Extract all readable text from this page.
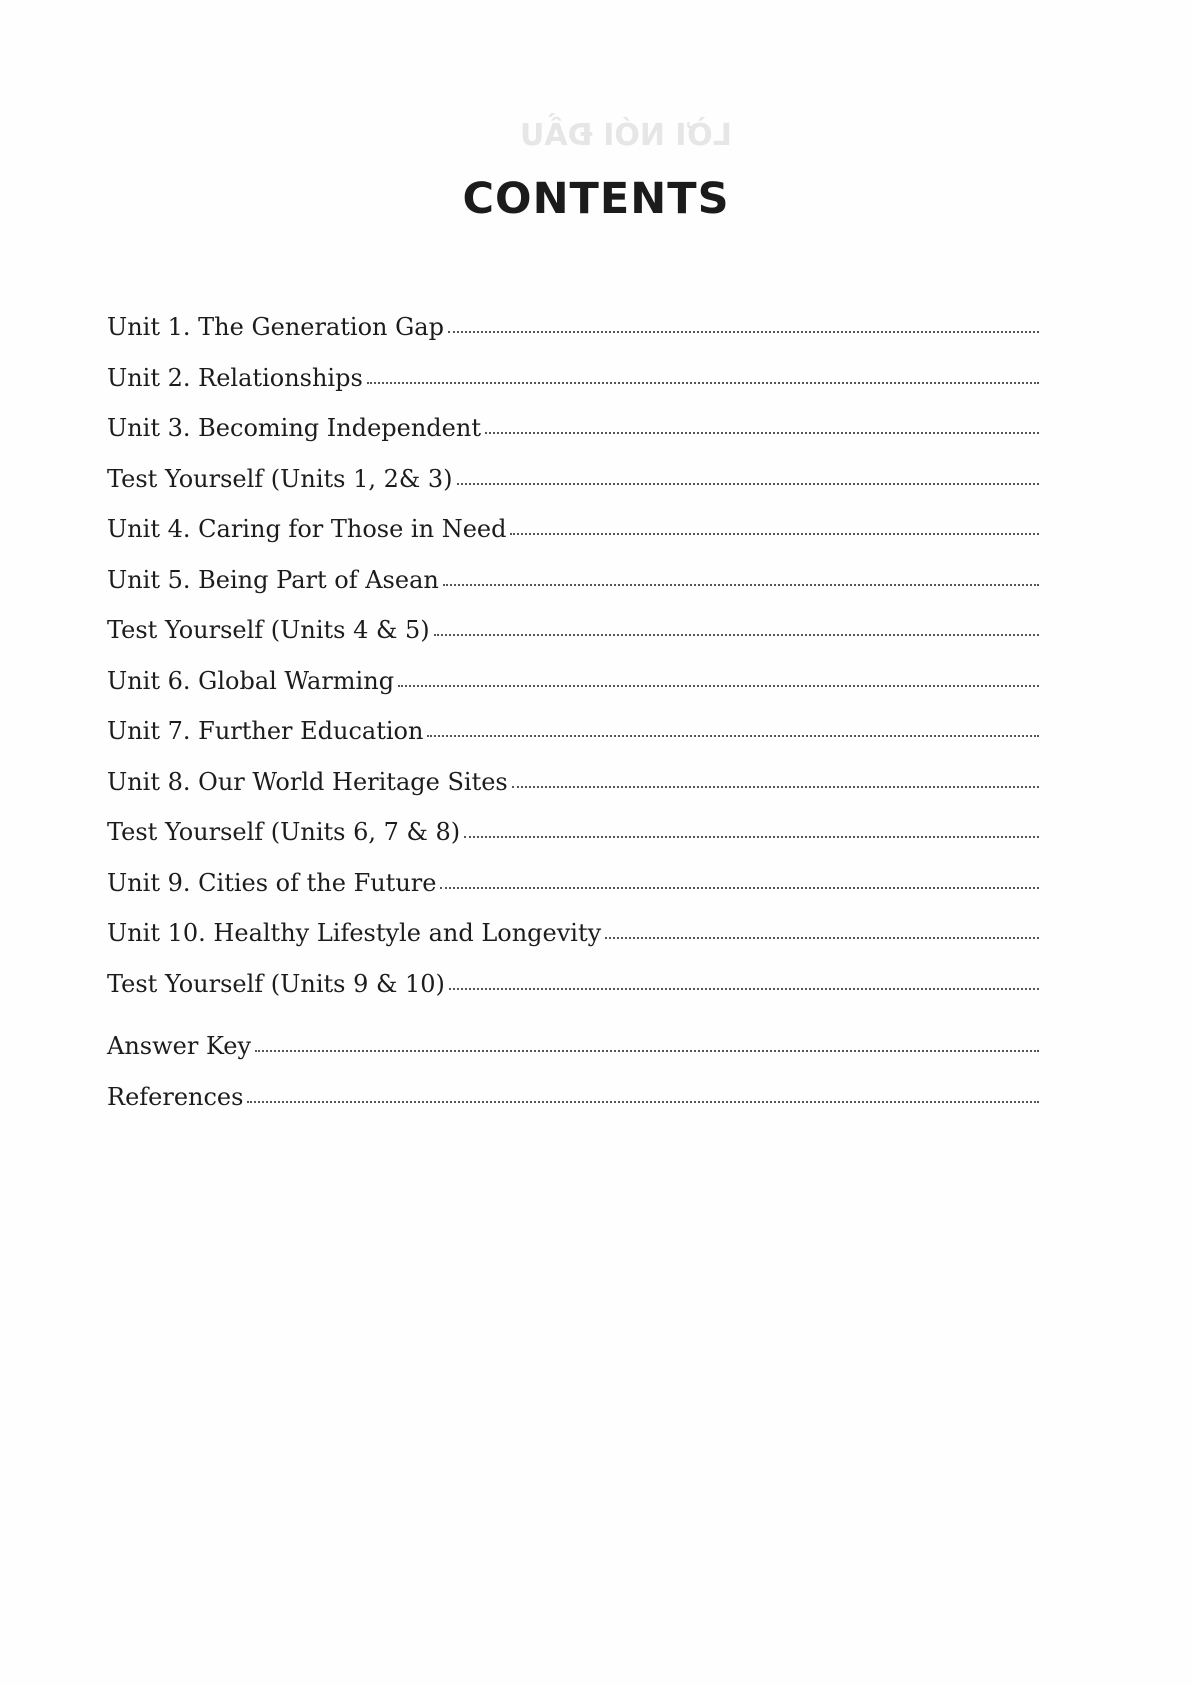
LỜI NÓI ĐẦU
CONTENTS
Unit 1. The Generation Gap
Unit 2. Relationships
Unit 3. Becoming Independent
Test Yourself (Units 1, 2& 3)
Unit 4. Caring for Those in Need
Unit 5. Being Part of Asean
Test Yourself (Units 4 & 5)
Unit 6. Global Warming
Unit 7. Further Education
Unit 8. Our World Heritage Sites
Test Yourself (Units 6, 7 & 8)
Unit 9. Cities of the Future
Unit 10. Healthy Lifestyle and Longevity
Test Yourself (Units 9 & 10)
Answer Key
References
